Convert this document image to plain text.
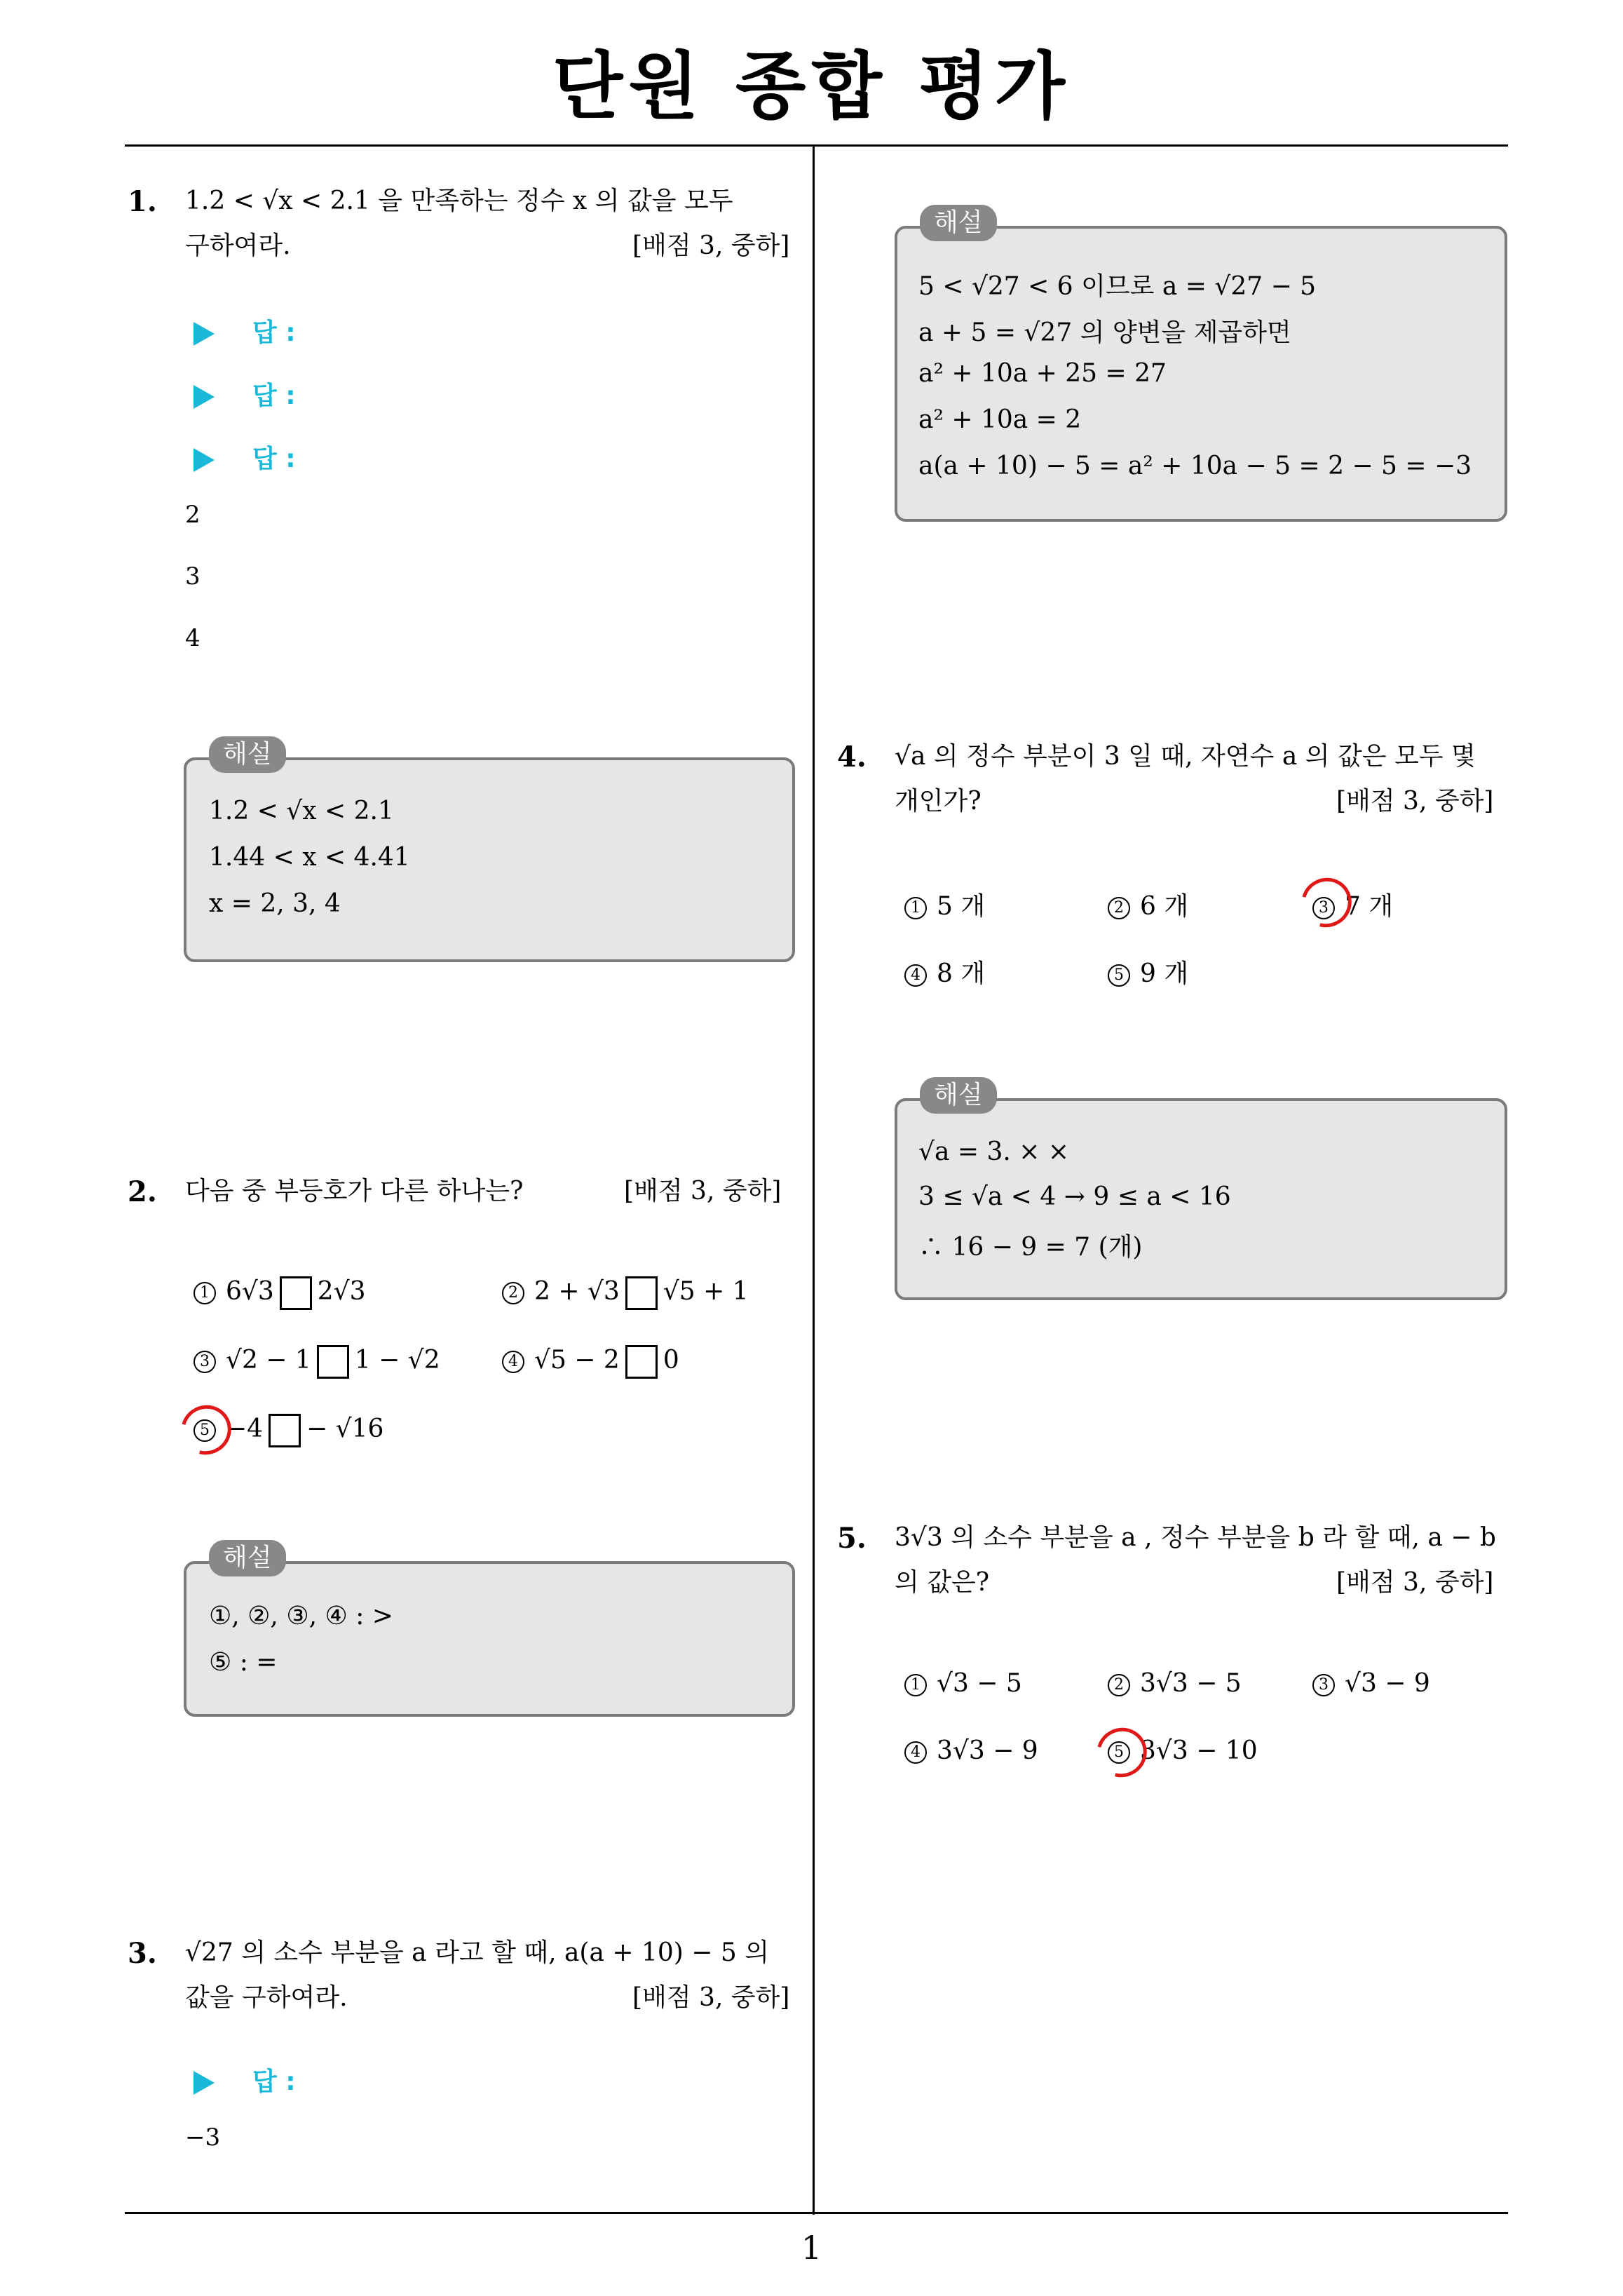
단원 종합 평가
1. 1.2 < √x < 2.1 을 만족하는 정수 x 의 값을 모두
구하여라.	[배점 3, 중하]
답 :
답 :
답 :
2
3
4
해설
1.2 < √x < 2.1
1.44 < x < 4.41
x = 2, 3, 4
2. 다음 중 부등호가 다른 하나는?	[배점 3, 중하]
1 6√3 2√3	2 2 + √3 √5 + 1
3 √2 − 1 1 − √2	4 √5 − 2 0
5 −4 − √16
해설
①, ②, ③, ④ : >
⑤ : =
3. √27 의 소수 부분을 a 라고 할 때, a(a + 10) − 5 의
값을 구하여라.	[배점 3, 중하]
답 :
−3
해설
5 < √27 < 6 이므로 a = √27 − 5
a + 5 = √27 의 양변을 제곱하면
a² + 10a + 25 = 27
a² + 10a = 2
a(a + 10) − 5 = a² + 10a − 5 = 2 − 5 = −3
4. √a 의 정수 부분이 3 일 때, 자연수 a 의 값은 모두 몇
개인가?	[배점 3, 중하]
1 5 개	2 6 개	3 7 개
4 8 개	5 9 개
해설
√a = 3. × ×
3 ≤ √a < 4 → 9 ≤ a < 16
∴ 16 − 9 = 7 (개)
5. 3√3 의 소수 부분을 a , 정수 부분을 b 라 할 때, a − b
의 값은?	[배점 3, 중하]
1 √3 − 5	2 3√3 − 5	3 √3 − 9
4 3√3 − 9	5 3√3 − 10
1
